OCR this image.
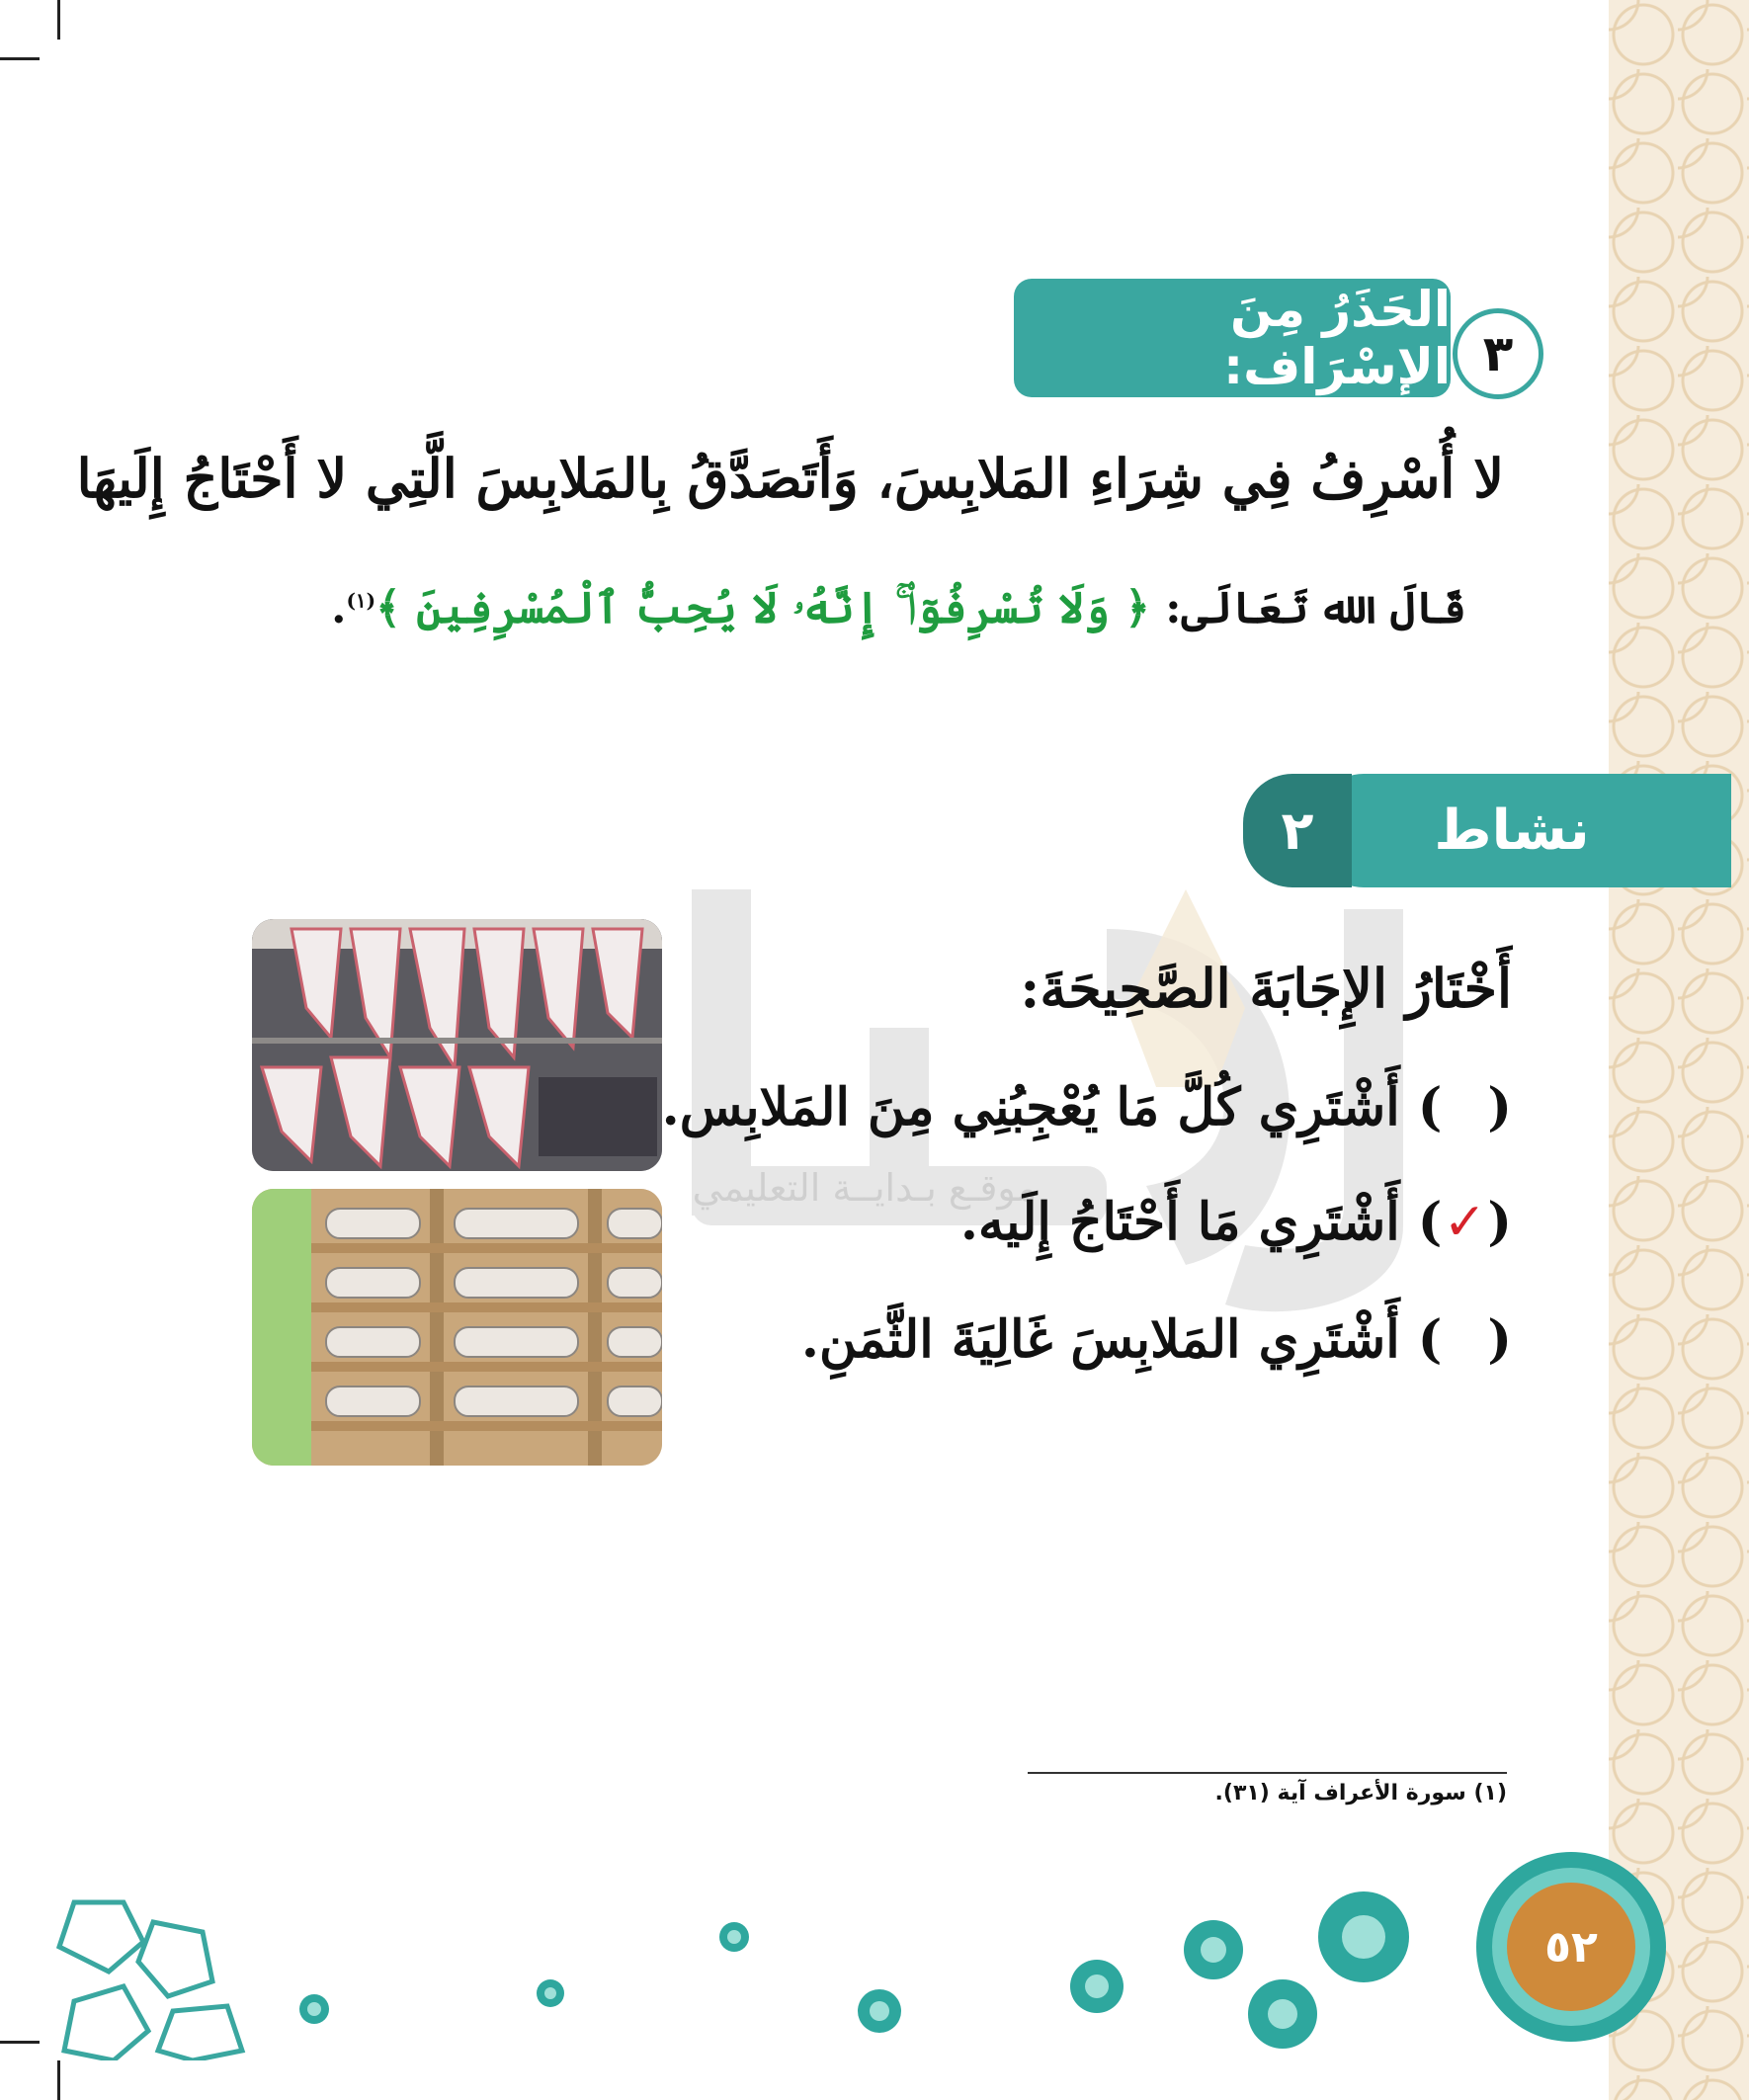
الحَذَرُ مِنَ الإسْرَاف: ٣
لا أُسْرِفُ فِي شِرَاءِ المَلابِسَ، وَأَتَصَدَّقُ بِالمَلابِسَ الَّتِي لا أَحْتَاجُ إِلَيهَا
قَالَ الله تَعَالَى: ﴿ وَلَا تُسْرِفُوٓا۟ ۚ إِنَّهُۥ لَا يُحِبُّ ٱلْمُسْرِفِينَ ﴾$^{(١)}$.
موقـع بـدايــة التعليمي
٢	نشاط
أَخْتَارُ الإِجَابَةَ الصَّحِيحَةَ:
() أَشْتَرِي كُلَّ مَا يُعْجِبُنِي مِنَ المَلابِس.
(✓) أَشْتَرِي مَا أَحْتَاجُ إِلَيه.
() أَشْتَرِي المَلابِسَ غَالِيَةَ الثَّمَنِ.
(١) سورة الأعراف آية (٣١).
٥٢
